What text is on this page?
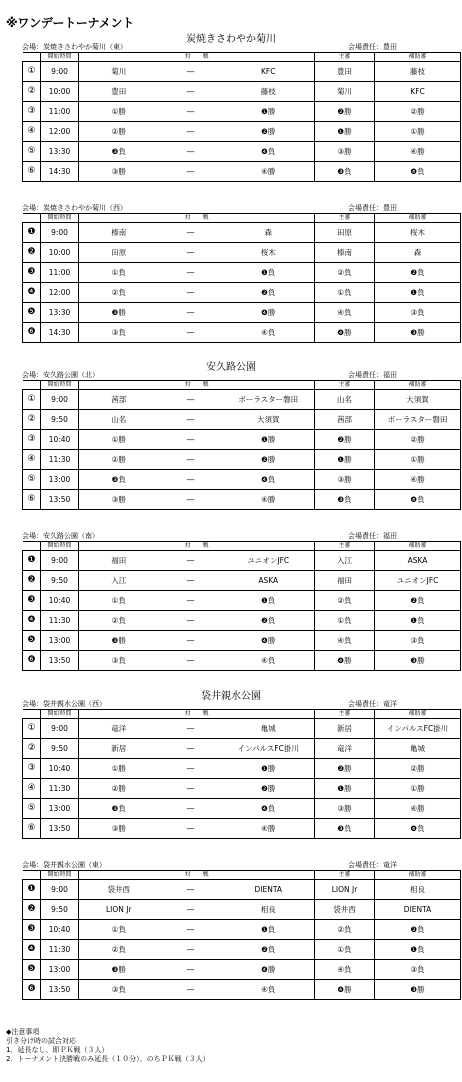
※ワンデートーナメント
炭焼きさわやか菊川
会場：炭焼きさわやか菊川（東）	会場責任：豊田
	開始時間	対　　戦			主審	補助審
①	9:00	菊川	―	KFC	豊田	藤枝
②	10:00	豊田	―	藤枝	菊川	KFC
③	11:00	①勝	―	❶勝	❷勝	②勝
④	12:00	②勝	―	❷勝	❶勝	①勝
⑤	13:30	❸負	―	❹負	③勝	④勝
⑥	14:30	③勝	―	④勝	❸負	❹負
会場：炭焼きさわやか菊川（西）	会場責任：豊田
	開始時間	対　　戦			主審	補助審
❶	9:00	榛南	―	森	田原	桜木
❷	10:00	田原	―	桜木	榛南	森
❸	11:00	①負	―	❶負	②負	❷負
❹	12:00	②負	―	❷負	①負	❶負
❺	13:30	❸勝	―	❹勝	④負	③負
❻	14:30	③負	―	④負	❹勝	❸勝
安久路公園
会場：安久路公園（北）	会場責任：福田
	開始時間	対　　戦			主審	補助審
①	9:00	茜部	―	ボーラスター磐田	山名	大須賀
②	9:50	山名	―	大須賀	茜部	ボーラスター磐田
③	10:40	①勝	―	❶勝	❷勝	②勝
④	11:30	②勝	―	❷勝	❶勝	①勝
⑤	13:00	❸負	―	❹負	③勝	④勝
⑥	13:50	③勝	―	④勝	❸負	❹負
会場：安久路公園（南）	会場責任：福田
	開始時間	対　　戦			主審	補助審
❶	9:00	福田	―	ユニオンJFC	入江	ASKA
❷	9:50	入江	―	ASKA	福田	ユニオンJFC
❸	10:40	①負	―	❶負	②負	❷負
❹	11:30	②負	―	❷負	①負	❶負
❺	13:00	❸勝	―	❹勝	④負	③負
❻	13:50	③負	―	④負	❹勝	❸勝
袋井親水公園
会場：袋井親水公園（西）	会場責任：竜洋
	開始時間	対　　戦			主審	補助審
①	9:00	竜洋	―	亀城	新居	インパルスFC掛川
②	9:50	新居	―	インパルスFC掛川	竜洋	亀城
③	10:40	①勝	―	❶勝	❷勝	②勝
④	11:30	②勝	―	❷勝	❶勝	①勝
⑤	13:00	❸負	―	❹負	③勝	④勝
⑥	13:50	③勝	―	④勝	❸負	❹負
会場：袋井親水公園（東）	会場責任：竜洋
	開始時間	対　　戦			主審	補助審
❶	9:00	袋井西	―	DIENTA	LION Jr	相良
❷	9:50	LION Jr	―	相良	袋井西	DIENTA
❸	10:40	①負	―	❶負	②負	❷負
❹	11:30	②負	―	❷負	①負	❶負
❺	13:00	❸勝	―	❹勝	④負	③負
❻	13:50	③負	―	④負	❹勝	❸勝
◆注意事項
引き分け時の試合対応
1．延長なし、即ＰＫ戦（３人）
2．トーナメント決勝戦のみ延長（１０分）、のちＰＫ戦（３人）
